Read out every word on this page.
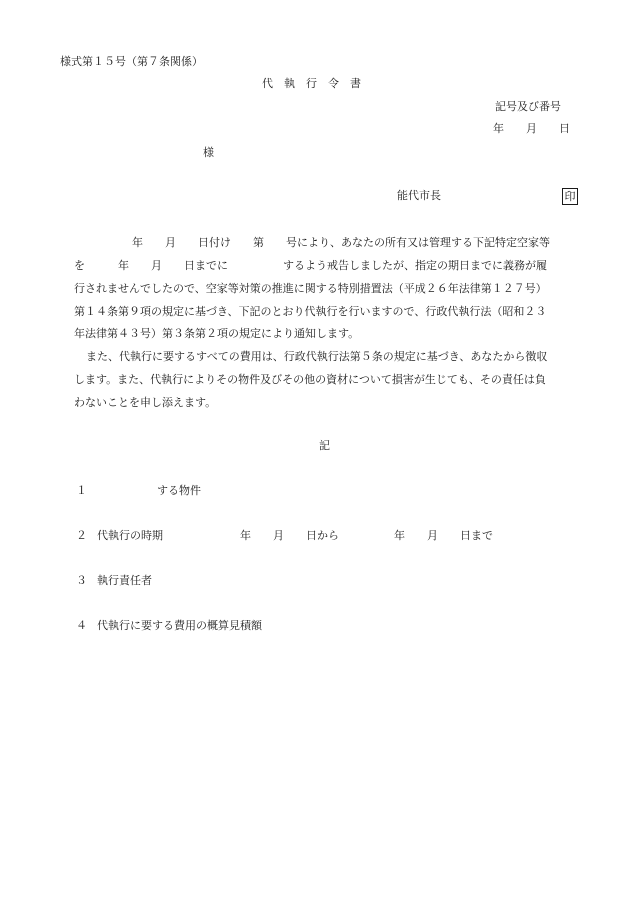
様式第１５号（第７条関係）
代　執　行　令　書
記号及び番号
年　　月　　日
様
能代市長	印
年　　月　　日付け　　第　　号により、あなたの所有又は管理する下記特定空家等
を　　　年　　月　　日までに　　　　　するよう戒告しましたが、指定の期日までに義務が履
行されませんでしたので、空家等対策の推進に関する特別措置法（平成２６年法律第１２７号）
第１４条第９項の規定に基づき、下記のとおり代執行を行いますので、行政代執行法（昭和２３
年法律第４３号）第３条第２項の規定により通知します。
また、代執行に要するすべての費用は、行政代執行法第５条の規定に基づき、あなたから徴収
します。また、代執行によりその物件及びその他の資材について損害が生じても、その責任は負
わないことを申し添えます。
記
１	する物件
２ 代執行の時期	年　　月　　日から　　　　　年　　月　　日まで
３ 執行責任者
４ 代執行に要する費用の概算見積額
